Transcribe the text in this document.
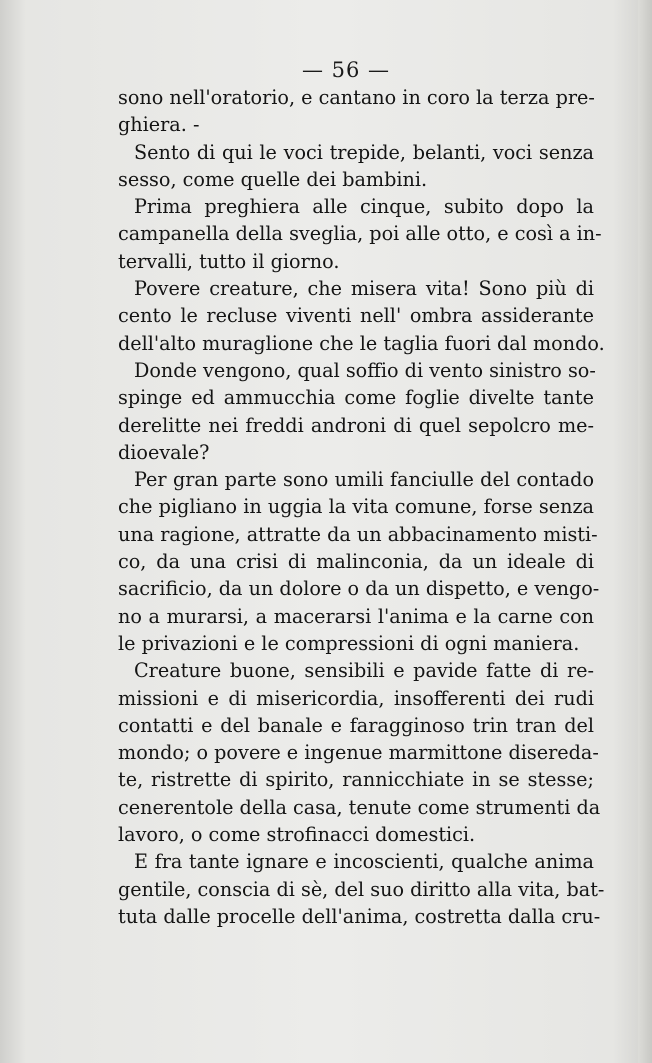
— 56 —
sono nell'oratorio, e cantano in coro la terza pre-
ghiera. -
Sento di qui le voci trepide, belanti, voci senza
sesso, come quelle dei bambini.
Prima preghiera alle cinque, subito dopo la
campanella della sveglia, poi alle otto, e così a in-
tervalli, tutto il giorno.
Povere creature, che misera vita! Sono più di
cento le recluse viventi nell' ombra assiderante
dell'alto muraglione che le taglia fuori dal mondo.
Donde vengono, qual soffio di vento sinistro so-
spinge ed ammucchia come foglie divelte tante
derelitte nei freddi androni di quel sepolcro me-
dioevale?
Per gran parte sono umili fanciulle del contado
che pigliano in uggia la vita comune, forse senza
una ragione, attratte da un abbacinamento misti-
co, da una crisi di malinconia, da un ideale di
sacrificio, da un dolore o da un dispetto, e vengo-
no a murarsi, a macerarsi l'anima e la carne con
le privazioni e le compressioni di ogni maniera.
Creature buone, sensibili e pavide fatte di re-
missioni e di misericordia, insofferenti dei rudi
contatti e del banale e faragginoso trin tran del
mondo; o povere e ingenue marmittone diseredа-
te, ristrette di spirito, rannicchiate in se stesse;
cenerentole della casa, tenute come strumenti da
lavoro, o come strofinacci domestici.
E fra tante ignare e incoscienti, qualche anima
gentile, conscia di sè, del suo diritto alla vita, bat-
tuta dalle procelle dell'anima, costretta dalla cru-
